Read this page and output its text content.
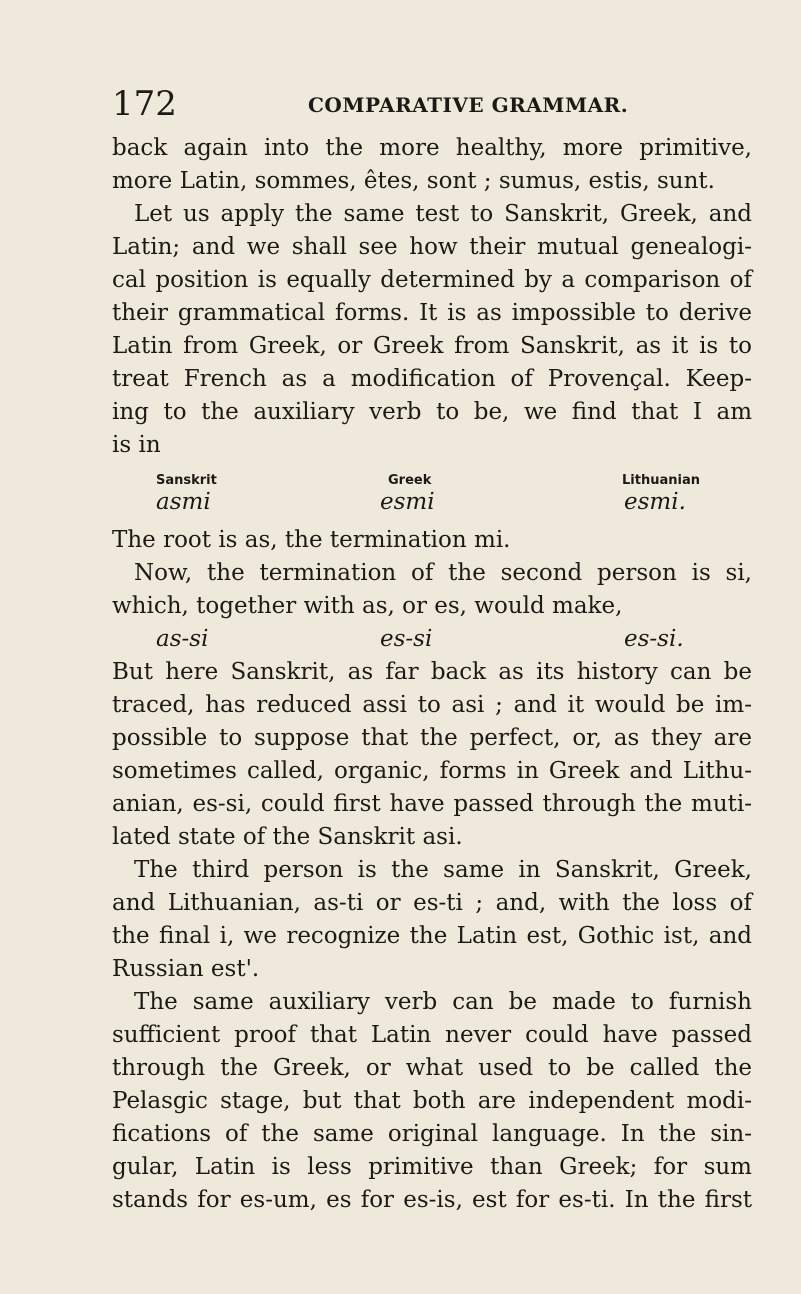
172	COMPARATIVE GRAMMAR.
back again into the more healthy, more primitive,
more Latin, sommes, êtes, sont ; sumus, estis, sunt.
Let us apply the same test to Sanskrit, Greek, and
Latin; and we shall see how their mutual genealogi-
cal position is equally determined by a comparison of
their grammatical forms. It is as impossible to derive
Latin from Greek, or Greek from Sanskrit, as it is to
treat French as a modification of Provençal. Keep-
ing to the auxiliary verb to be, we find that I am
is in
Sanskrit	Greek	Lithuanian
asmi	esmi	esmi.
The root is as, the termination mi.
Now, the termination of the second person is si,
which, together with as, or es, would make,
as-si	es-si	es-si.
But here Sanskrit, as far back as its history can be
traced, has reduced assi to asi ; and it would be im-
possible to suppose that the perfect, or, as they are
sometimes called, organic, forms in Greek and Lithu-
anian, es-si, could first have passed through the muti-
lated state of the Sanskrit asi.
The third person is the same in Sanskrit, Greek,
and Lithuanian, as-ti or es-ti ; and, with the loss of
the final i, we recognize the Latin est, Gothic ist, and
Russian est'.
The same auxiliary verb can be made to furnish
sufficient proof that Latin never could have passed
through the Greek, or what used to be called the
Pelasgic stage, but that both are independent modi-
fications of the same original language. In the sin-
gular, Latin is less primitive than Greek; for sum
stands for es-um, es for es-is, est for es-ti. In the first
